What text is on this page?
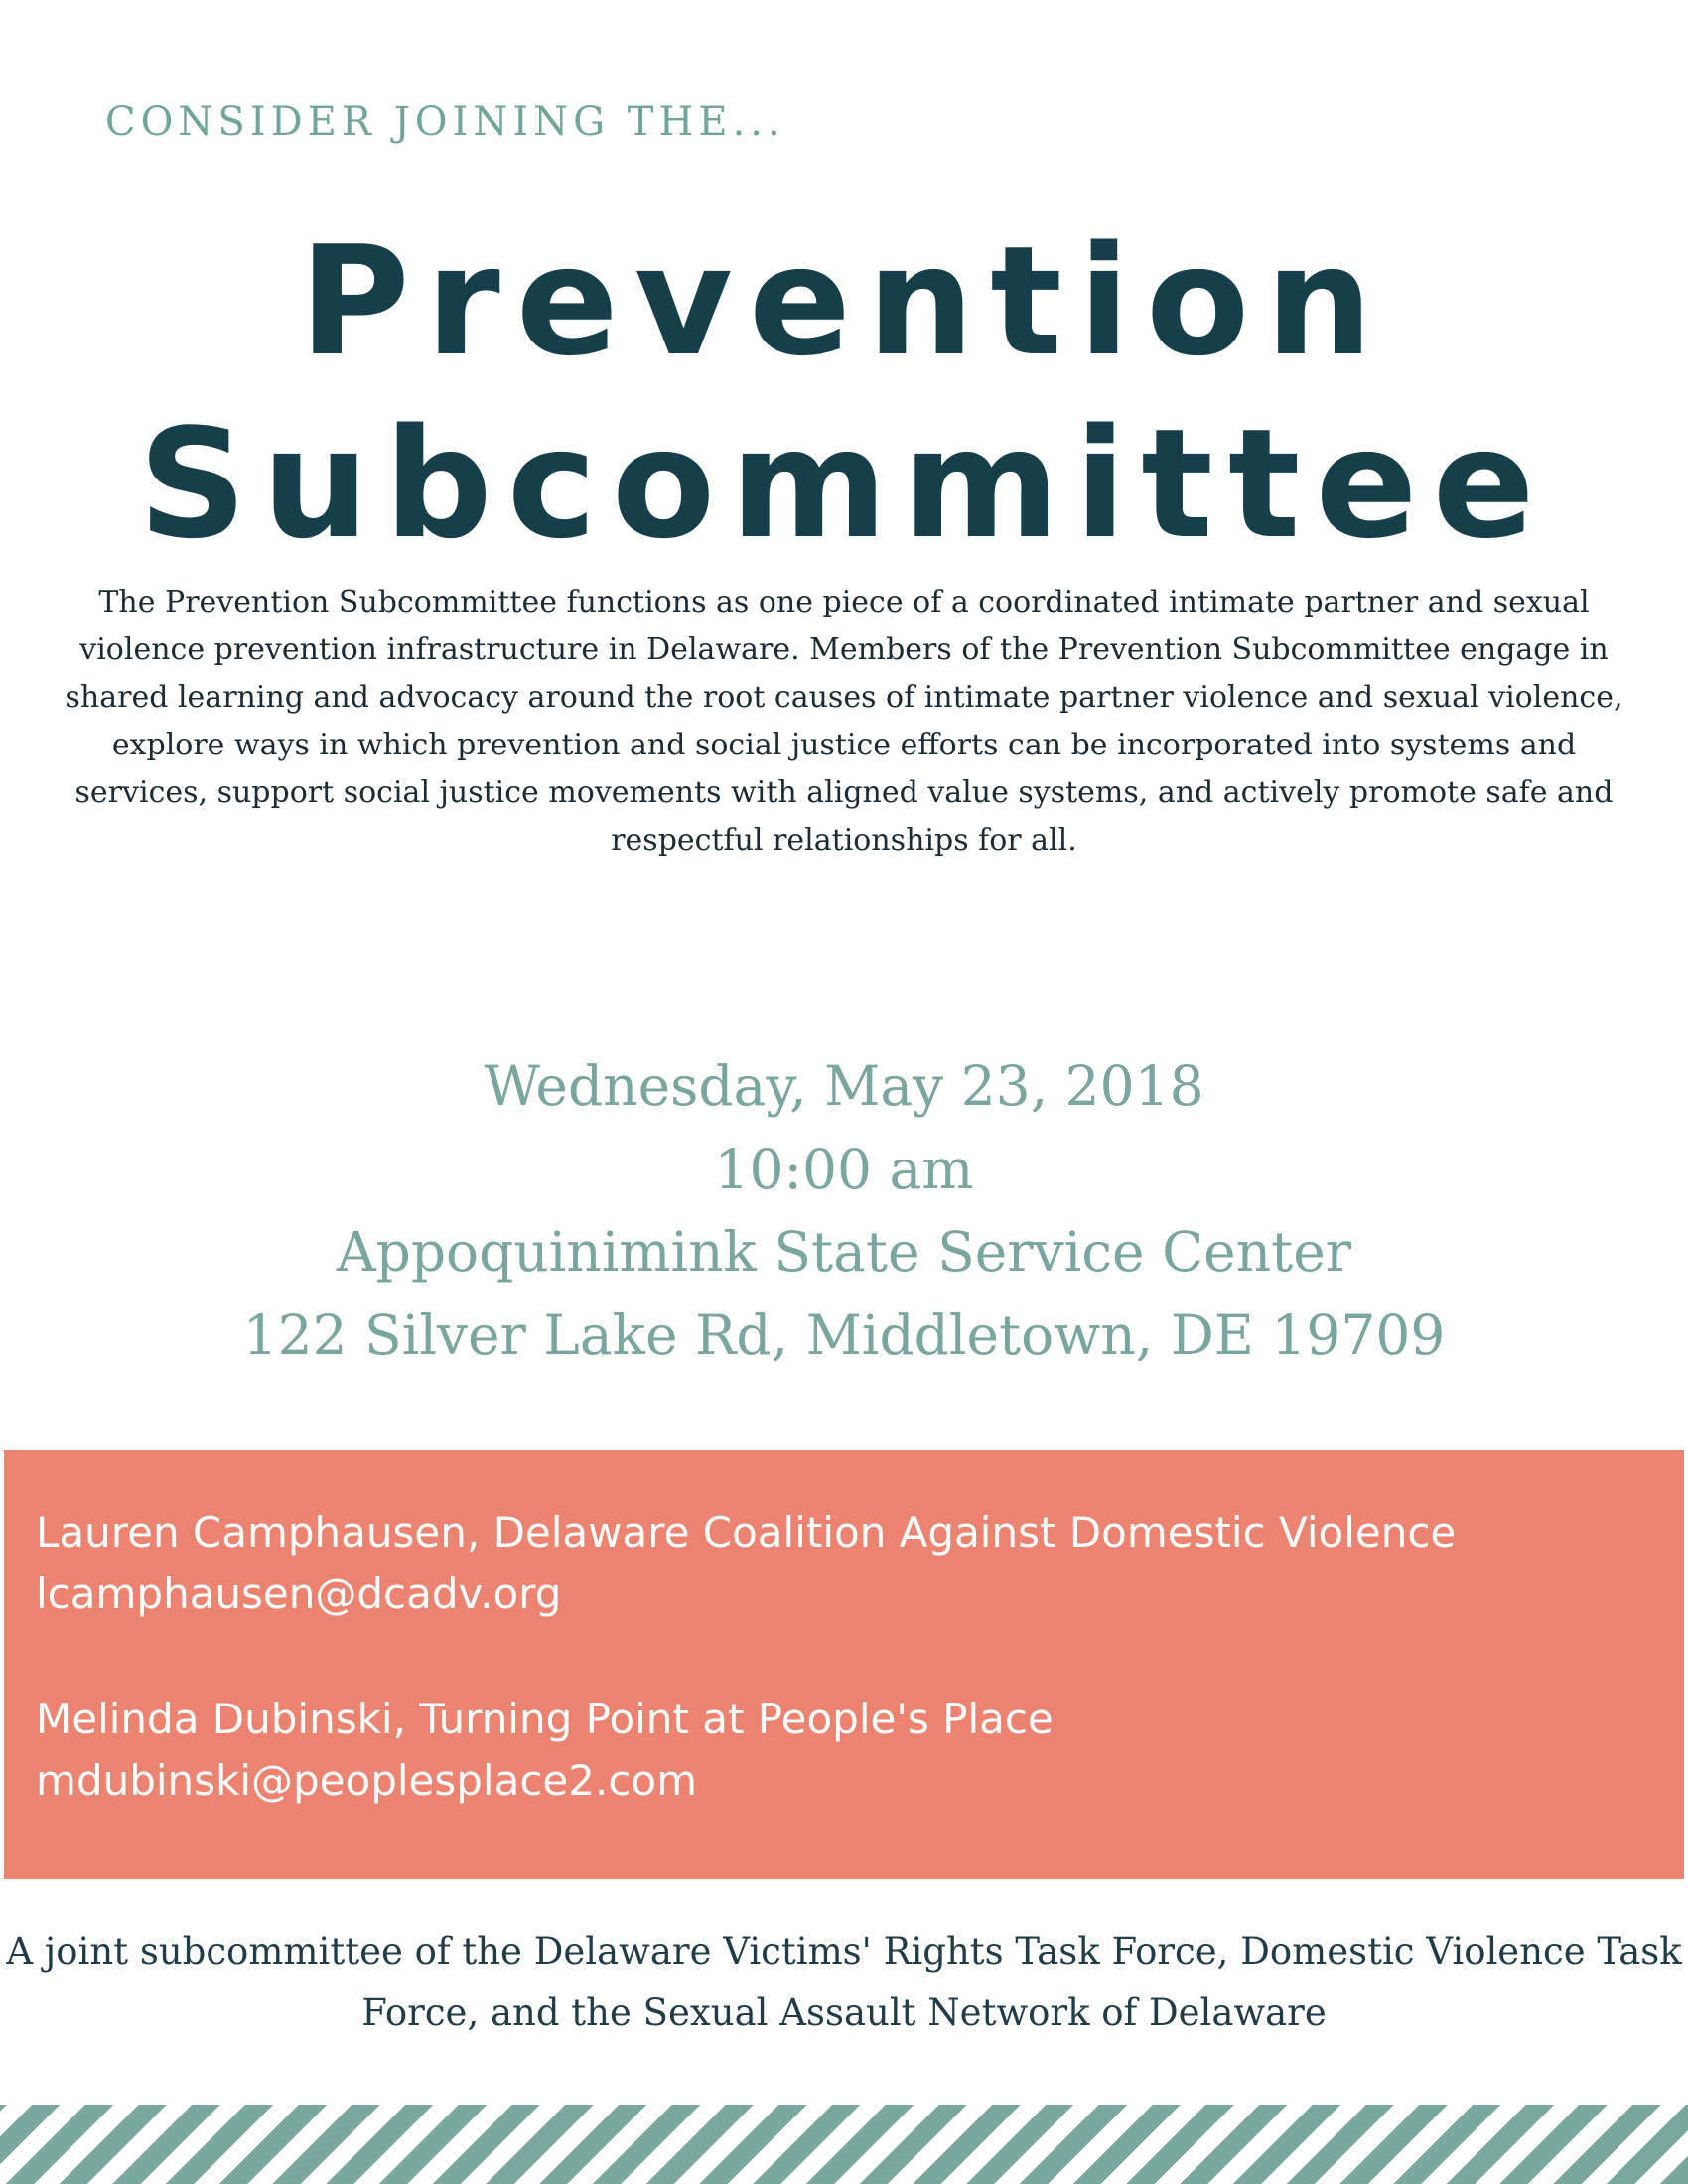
CONSIDER JOINING THE...
Prevention
Subcommittee

The Prevention Subcommittee functions as one piece of a coordinated intimate partner and sexual violence prevention infrastructure in Delaware. Members of the Prevention Subcommittee engage in shared learning and advocacy around the root causes of intimate partner violence and sexual violence, explore ways in which prevention and social justice efforts can be incorporated into systems and services, support social justice movements with aligned value systems, and actively promote safe and respectful relationships for all.

Wednesday, May 23, 2018
10:00 am
Appoquinimink State Service Center
122 Silver Lake Rd, Middletown, DE 19709
Lauren Camphausen, Delaware Coalition Against Domestic Violence
lcamphausen@dcadv.org
Melinda Dubinski, Turning Point at People's Place
mdubinski@peoplesplace2.com

A joint subcommittee of the Delaware Victims' Rights Task Force, Domestic Violence Task Force, and the Sexual Assault Network of Delaware
